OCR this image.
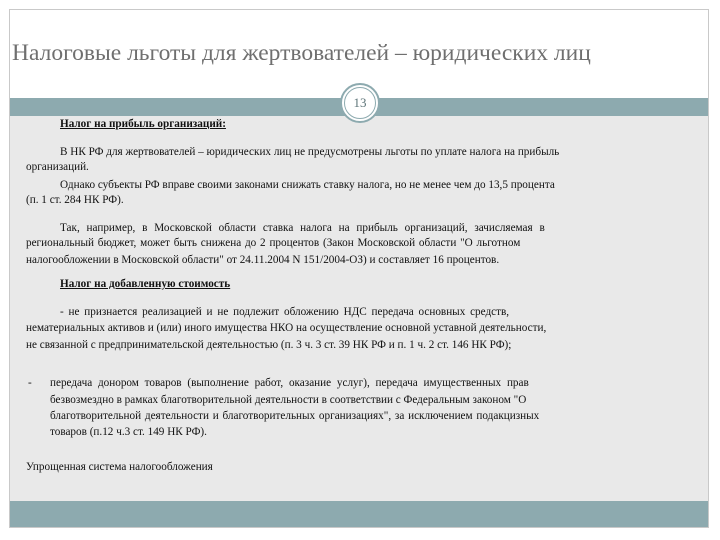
Налоговые льготы для жертвователей – юридических лиц
13
Налог на прибыль организаций:
В НК РФ для жертвователей – юридических лиц не предусмотрены льготы по уплате налога на прибыль
организаций.
Однако субъекты РФ вправе своими законами снижать ставку налога, но не менее чем до 13,5 процента
(п. 1 ст. 284 НК РФ).
Так, например, в Московской области ставка налога на прибыль организаций, зачисляемая в
региональный бюджет, может быть снижена до 2 процентов (Закон Московской области "О льготном
налогообложении в Московской области" от 24.11.2004 N 151/2004-ОЗ) и составляет 16 процентов.
Налог на добавленную стоимость
- не признается реализацией и не подлежит обложению НДС передача основных средств,
нематериальных активов и (или) иного имущества НКО на осуществление основной уставной деятельности,
не связанной с предпринимательской деятельностью (п. 3 ч. 3 ст. 39 НК РФ и п. 1 ч. 2 ст. 146 НК РФ);
- передача донором товаров (выполнение работ, оказание услуг), передача имущественных прав
безвозмездно в рамках благотворительной деятельности в соответствии с Федеральным законом "О
благотворительной деятельности и благотворительных организациях", за исключением подакцизных
товаров (п.12 ч.3 ст. 149 НК РФ).
Упрощенная система налогообложения
